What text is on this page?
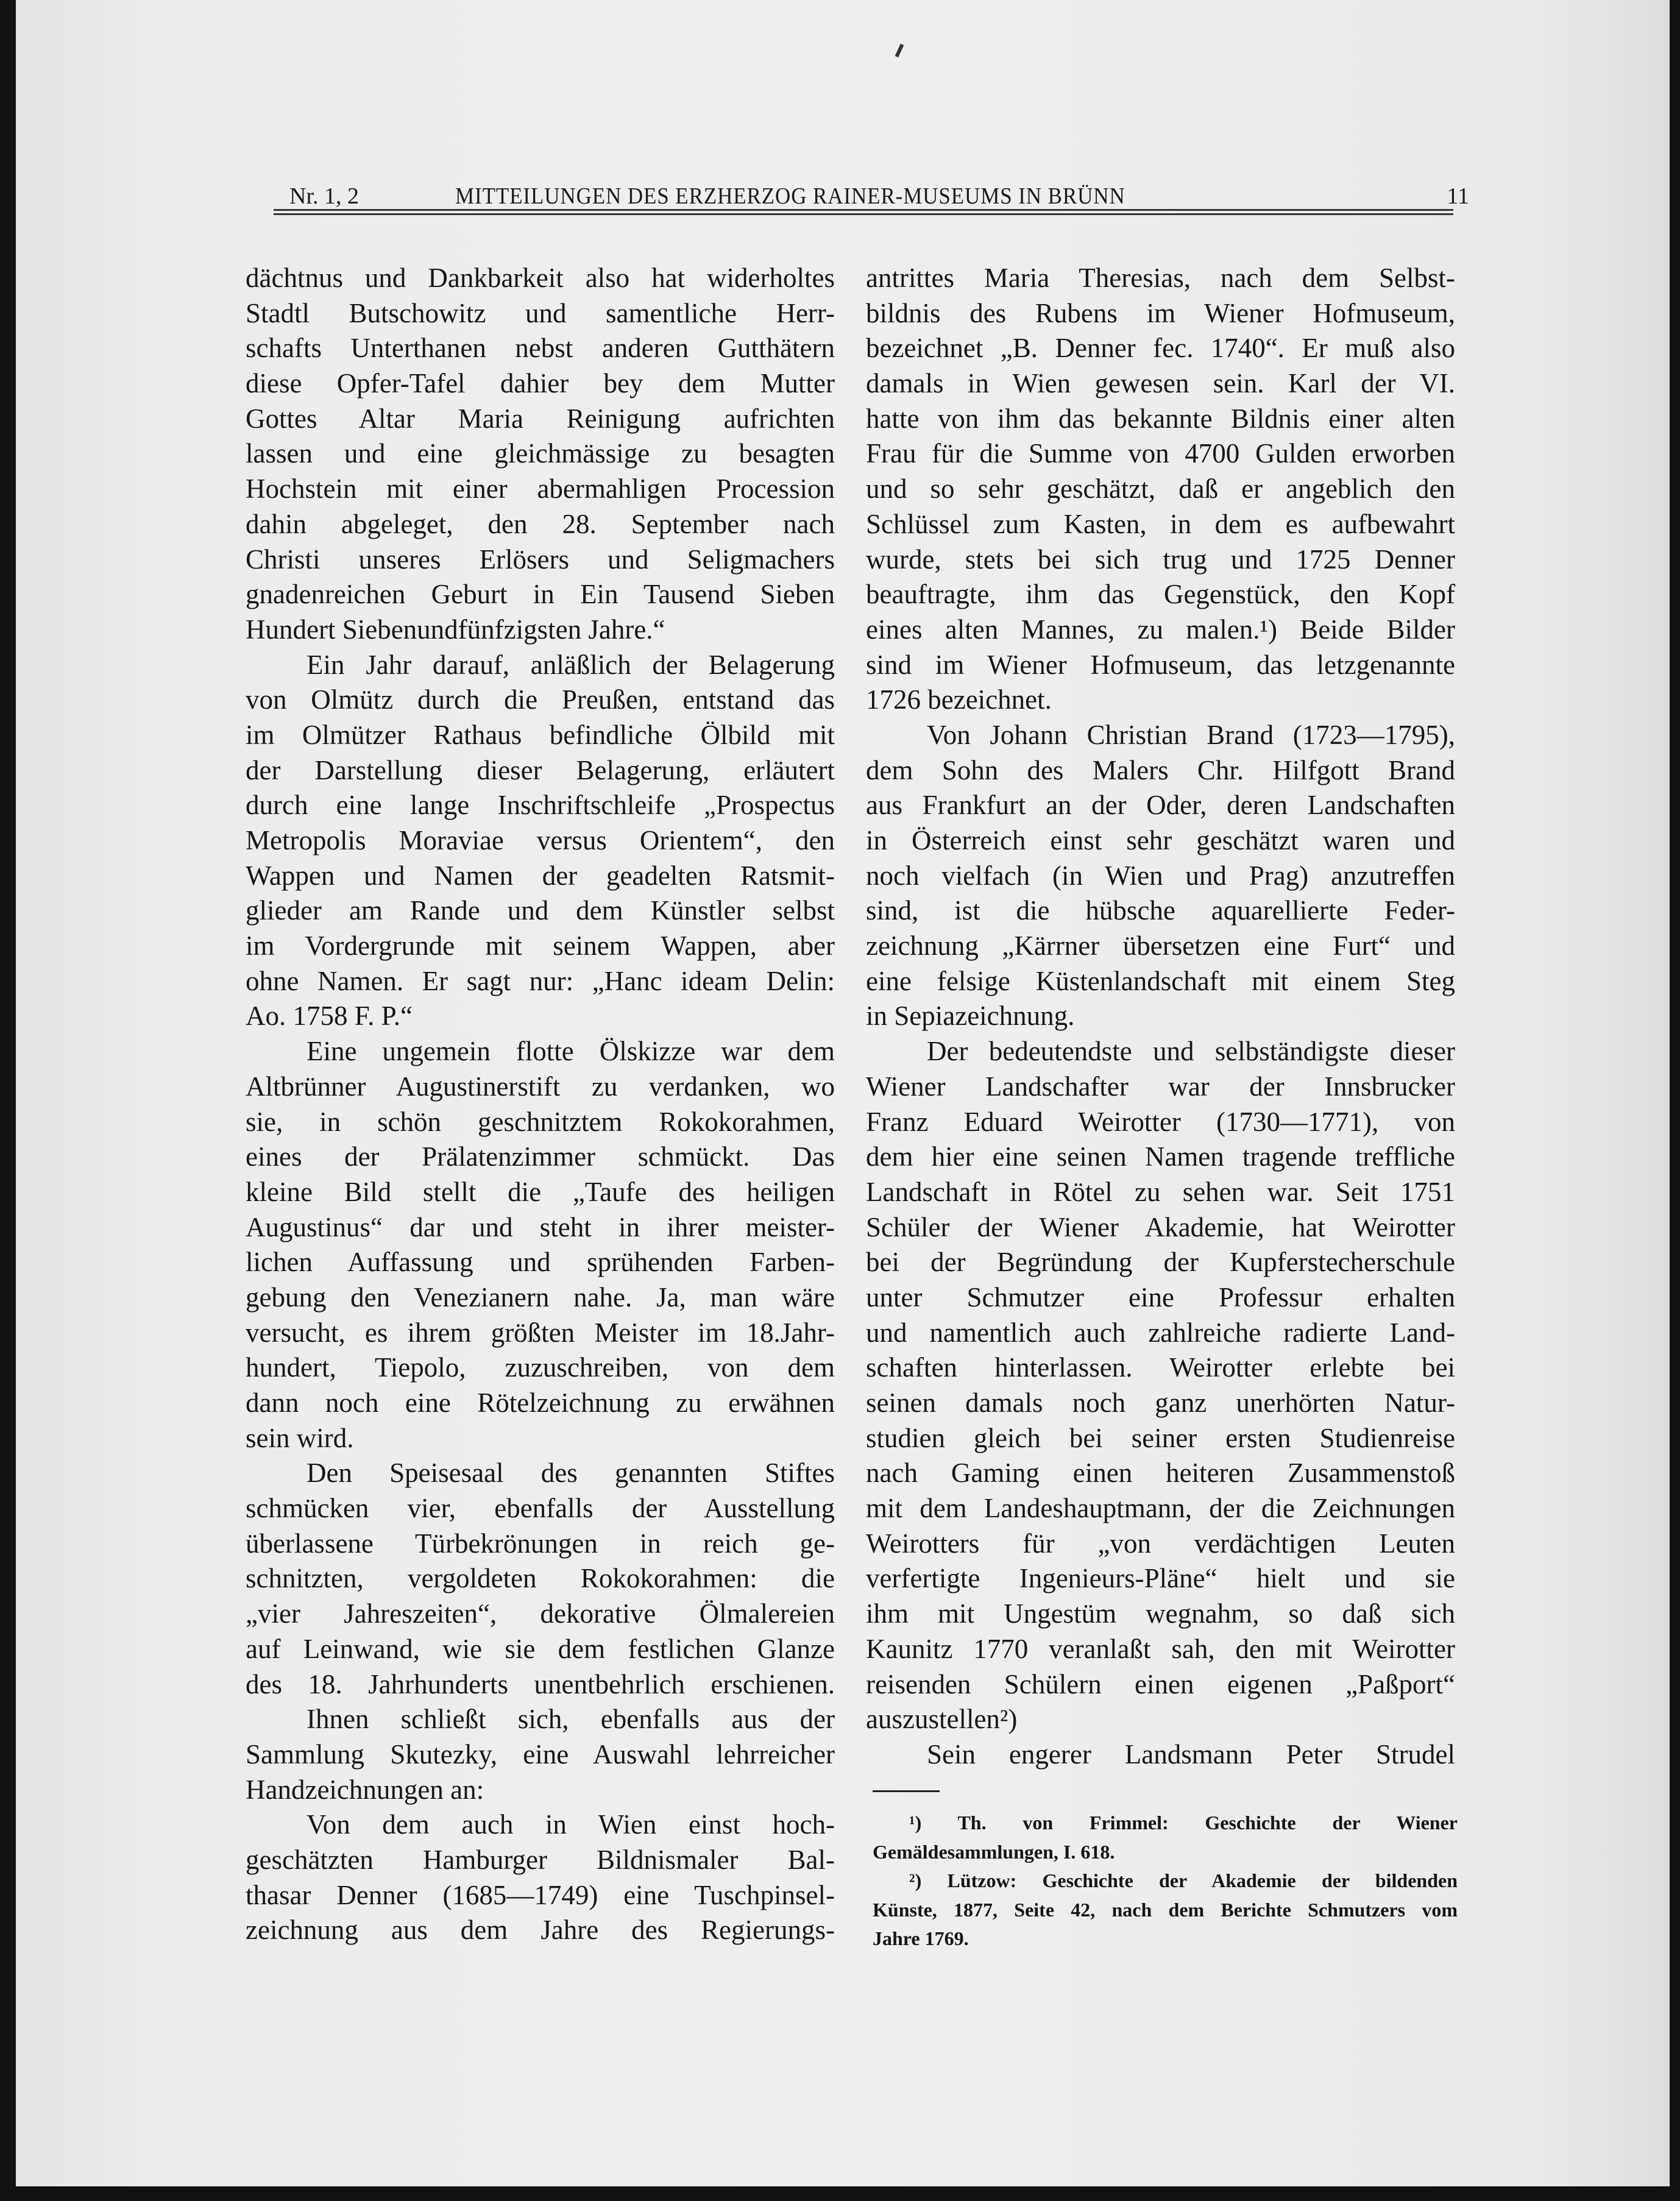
Nr. 1, 2	MITTEILUNGEN DES ERZHERZOG RAINER-MUSEUMS IN BRÜNN	11
dächtnus und Dankbarkeit also hat widerholtes
Stadtl Butschowitz und samentliche Herr-
schafts Unterthanen nebst anderen Gutthätern
diese Opfer-Tafel dahier bey dem Mutter
Gottes Altar Maria Reinigung aufrichten
lassen und eine gleichmässige zu besagten
Hochstein mit einer abermahligen Procession
dahin abgeleget, den 28. September nach
Christi unseres Erlösers und Seligmachers
gnadenreichen Geburt in Ein Tausend Sieben
Hundert Siebenundfünfzigsten Jahre.“
Ein Jahr darauf, anläßlich der Belagerung
von Olmütz durch die Preußen, entstand das
im Olmützer Rathaus befindliche Ölbild mit
der Darstellung dieser Belagerung, erläutert
durch eine lange Inschriftschleife „Prospectus
Metropolis Moraviae versus Orientem“, den
Wappen und Namen der geadelten Ratsmit-
glieder am Rande und dem Künstler selbst
im Vordergrunde mit seinem Wappen, aber
ohne Namen. Er sagt nur: „Hanc ideam Delin:
Ao. 1758 F. P.“
Eine ungemein flotte Ölskizze war dem
Altbrünner Augustinerstift zu verdanken, wo
sie, in schön geschnitztem Rokokorahmen,
eines der Prälatenzimmer schmückt. Das
kleine Bild stellt die „Taufe des heiligen
Augustinus“ dar und steht in ihrer meister-
lichen Auffassung und sprühenden Farben-
gebung den Venezianern nahe. Ja, man wäre
versucht, es ihrem größten Meister im 18.Jahr-
hundert, Tiepolo, zuzuschreiben, von dem
dann noch eine Rötelzeichnung zu erwähnen
sein wird.
Den Speisesaal des genannten Stiftes
schmücken vier, ebenfalls der Ausstellung
überlassene Türbekrönungen in reich ge-
schnitzten, vergoldeten Rokokorahmen: die
„vier Jahreszeiten“, dekorative Ölmalereien
auf Leinwand, wie sie dem festlichen Glanze
des 18. Jahrhunderts unentbehrlich erschienen.
Ihnen schließt sich, ebenfalls aus der
Sammlung Skutezky, eine Auswahl lehrreicher
Handzeichnungen an:
Von dem auch in Wien einst hoch-
geschätzten Hamburger Bildnismaler Bal-
thasar Denner (1685—1749) eine Tuschpinsel-
zeichnung aus dem Jahre des Regierungs-
antrittes Maria Theresias, nach dem Selbst-
bildnis des Rubens im Wiener Hofmuseum,
bezeichnet „B. Denner fec. 1740“. Er muß also
damals in Wien gewesen sein. Karl der VI.
hatte von ihm das bekannte Bildnis einer alten
Frau für die Summe von 4700 Gulden erworben
und so sehr geschätzt, daß er angeblich den
Schlüssel zum Kasten, in dem es aufbewahrt
wurde, stets bei sich trug und 1725 Denner
beauftragte, ihm das Gegenstück, den Kopf
eines alten Mannes, zu malen.¹) Beide Bilder
sind im Wiener Hofmuseum, das letzgenannte
1726 bezeichnet.
Von Johann Christian Brand (1723—1795),
dem Sohn des Malers Chr. Hilfgott Brand
aus Frankfurt an der Oder, deren Landschaften
in Österreich einst sehr geschätzt waren und
noch vielfach (in Wien und Prag) anzutreffen
sind, ist die hübsche aquarellierte Feder-
zeichnung „Kärrner übersetzen eine Furt“ und
eine felsige Küstenlandschaft mit einem Steg
in Sepiazeichnung.
Der bedeutendste und selbständigste dieser
Wiener Landschafter war der Innsbrucker
Franz Eduard Weirotter (1730—1771), von
dem hier eine seinen Namen tragende treffliche
Landschaft in Rötel zu sehen war. Seit 1751
Schüler der Wiener Akademie, hat Weirotter
bei der Begründung der Kupferstecherschule
unter Schmutzer eine Professur erhalten
und namentlich auch zahlreiche radierte Land-
schaften hinterlassen. Weirotter erlebte bei
seinen damals noch ganz unerhörten Natur-
studien gleich bei seiner ersten Studienreise
nach Gaming einen heiteren Zusammenstoß
mit dem Landeshauptmann, der die Zeichnungen
Weirotters für „von verdächtigen Leuten
verfertigte Ingenieurs-Pläne“ hielt und sie
ihm mit Ungestüm wegnahm, so daß sich
Kaunitz 1770 veranlaßt sah, den mit Weirotter
reisenden Schülern einen eigenen „Paßport“
auszustellen²)
Sein engerer Landsmann Peter Strudel
¹) Th. von Frimmel: Geschichte der Wiener
Gemäldesammlungen, I. 618.
²) Lützow: Geschichte der Akademie der bildenden
Künste, 1877, Seite 42, nach dem Berichte Schmutzers vom
Jahre 1769.
